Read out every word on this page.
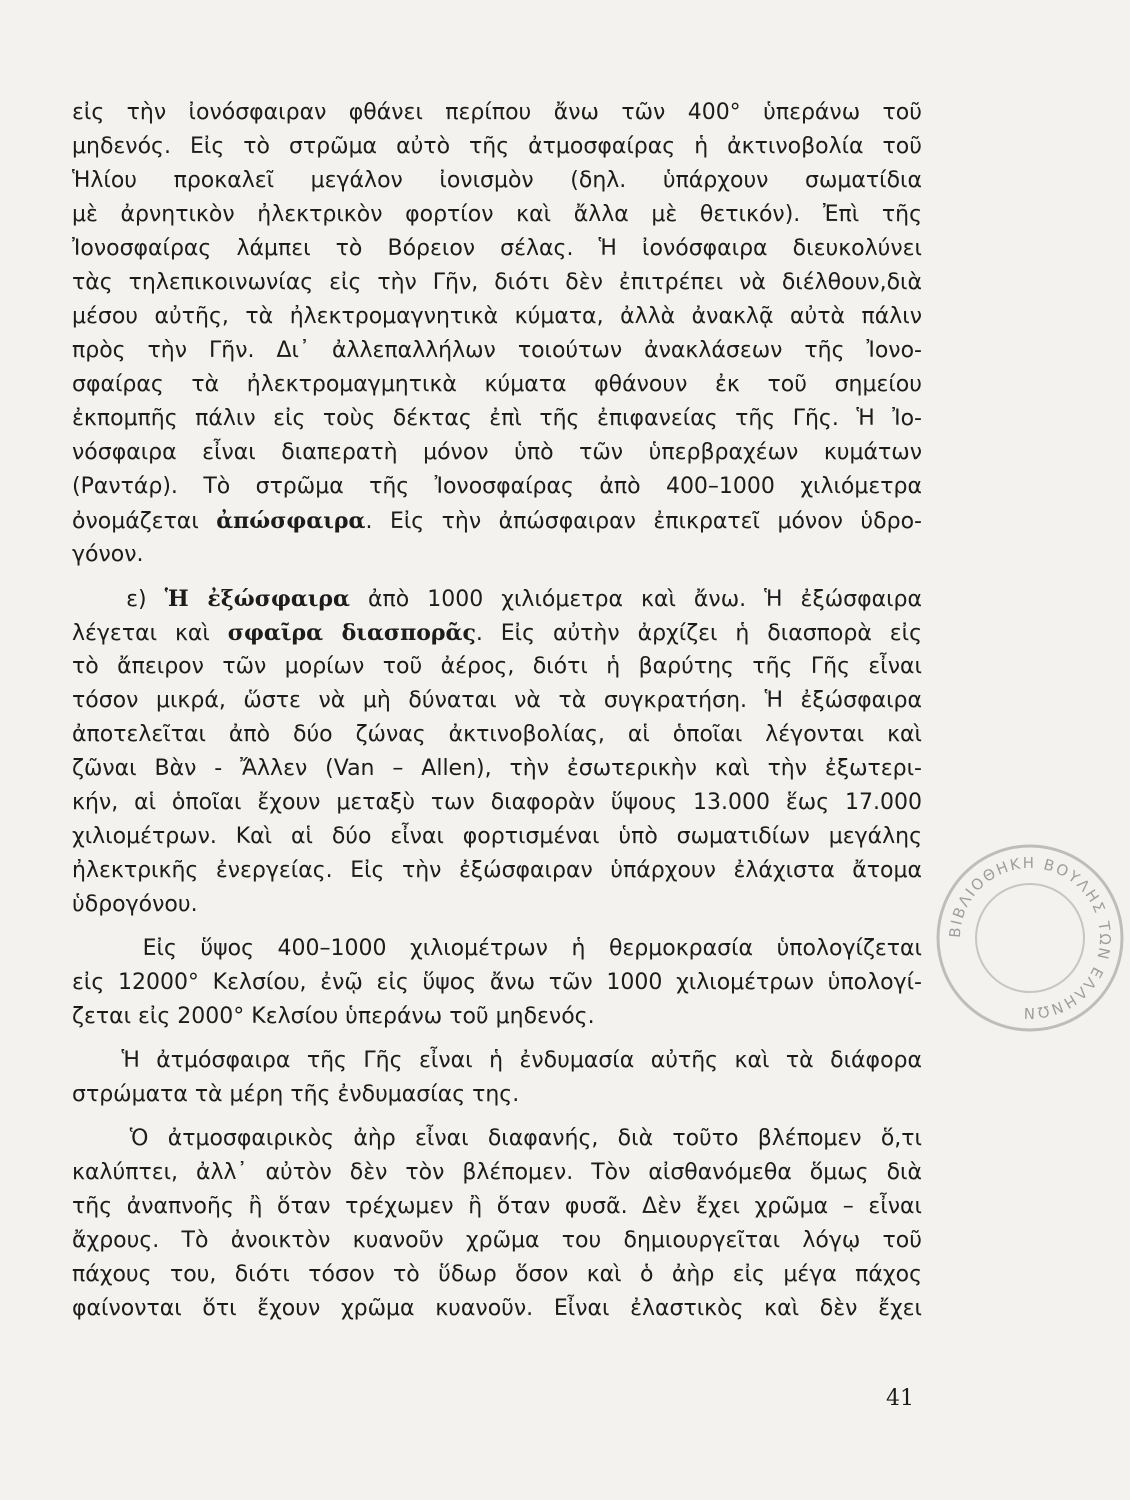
εἰς τὴν ἰονόσφαιραν φθάνει περίπου ἄνω τῶν 400° ὑπεράνω τοῦ
μηδενός. Εἰς τὸ στρῶμα αὐτὸ τῆς ἀτμοσφαίρας ἡ ἀκτινοβολία τοῦ
Ἡλίου προκαλεῖ μεγάλον ἰονισμὸν (δηλ. ὑπάρχουν σωματίδια
μὲ ἀρνητικὸν ἠλεκτρικὸν φορτίον καὶ ἄλλα μὲ θετικόν). Ἐπὶ τῆς
Ἰονοσφαίρας λάμπει τὸ Βόρειον σέλας. Ἡ ἰονόσφαιρα διευκολύνει
τὰς τηλεπικοινωνίας εἰς τὴν Γῆν, διότι δὲν ἐπιτρέπει νὰ διέλθουν,διὰ
μέσου αὐτῆς, τὰ ἠλεκτρομαγνητικὰ κύματα, ἀλλὰ ἀνακλᾷ αὐτὰ πάλιν
πρὸς τὴν Γῆν. Δι᾿ ἀλλεπαλλήλων τοιούτων ἀνακλάσεων τῆς Ἰονο-
σφαίρας τὰ ἠλεκτρομαγμητικὰ κύματα φθάνουν ἐκ τοῦ σημείου
ἐκπομπῆς πάλιν εἰς τοὺς δέκτας ἐπὶ τῆς ἐπιφανείας τῆς Γῆς. Ἡ Ἰο-
νόσφαιρα εἶναι διαπερατὴ μόνον ὑπὸ τῶν ὑπερβραχέων κυμάτων
(Ραντάρ). Τὸ στρῶμα τῆς Ἰονοσφαίρας ἀπὸ 400–1000 χιλιόμετρα
ὀνομάζεται ἀπώσφαιρα. Εἰς τὴν ἀπώσφαιραν ἐπικρατεῖ μόνον ὑδρο-
γόνον.
ε) Ἡ ἐξώσφαιρα ἀπὸ 1000 χιλιόμετρα καὶ ἄνω. Ἡ ἐξώσφαιρα
λέγεται καὶ σφαῖρα διασπορᾶς. Εἰς αὐτὴν ἀρχίζει ἡ διασπορὰ εἰς
τὸ ἄπειρον τῶν μορίων τοῦ ἀέρος, διότι ἡ βαρύτης τῆς Γῆς εἶναι
τόσον μικρά, ὥστε νὰ μὴ δύναται νὰ τὰ συγκρατήση. Ἡ ἐξώσφαιρα
ἀποτελεῖται ἀπὸ δύο ζώνας ἀκτινοβολίας, αἱ ὁποῖαι λέγονται καὶ
ζῶναι Βὰν - Ἄλλεν (Van – Allen), τὴν ἐσωτερικὴν καὶ τὴν ἐξωτερι-
κήν, αἱ ὁποῖαι ἔχουν μεταξὺ των διαφορὰν ὕψους 13.000 ἕως 17.000
χιλιομέτρων. Καὶ αἱ δύο εἶναι φορτισμέναι ὑπὸ σωματιδίων μεγάλης
ἠλεκτρικῆς ἐνεργείας. Εἰς τὴν ἐξώσφαιραν ὑπάρχουν ἐλάχιστα ἄτομα
ὑδρογόνου.
Εἰς ὕψος 400–1000 χιλιομέτρων ἡ θερμοκρασία ὑπολογίζεται
εἰς 12000° Κελσίου, ἐνῷ εἰς ὕψος ἄνω τῶν 1000 χιλιομέτρων ὑπολογί-
ζεται εἰς 2000° Κελσίου ὑπεράνω τοῦ μηδενός.
Ἡ ἀτμόσφαιρα τῆς Γῆς εἶναι ἡ ἐνδυμασία αὐτῆς καὶ τὰ διάφορα
στρώματα τὰ μέρη τῆς ἐνδυμασίας της.
Ὁ ἀτμοσφαιρικὸς ἀὴρ εἶναι διαφανής, διὰ τοῦτο βλέπομεν ὅ,τι
καλύπτει, ἀλλ᾿ αὐτὸν δὲν τὸν βλέπομεν. Τὸν αἰσθανόμεθα ὅμως διὰ
τῆς ἀναπνοῆς ἢ ὅταν τρέχωμεν ἢ ὅταν φυσᾶ. Δὲν ἔχει χρῶμα – εἶναι
ἄχρους. Τὸ ἀνοικτὸν κυανοῦν χρῶμα του δημιουργεῖται λόγῳ τοῦ
πάχους του, διότι τόσον τὸ ὕδωρ ὅσον καὶ ὁ ἀὴρ εἰς μέγα πάχος
φαίνονται ὅτι ἔχουν χρῶμα κυανοῦν. Εἶναι ἐλαστικὸς καὶ δὲν ἔχει
41
ΒΙΒΛΙΟΘΗΚΗ ΒΟΥΛΗΣ ΤΩΝ ΕΛΛΗΝΩΝ
